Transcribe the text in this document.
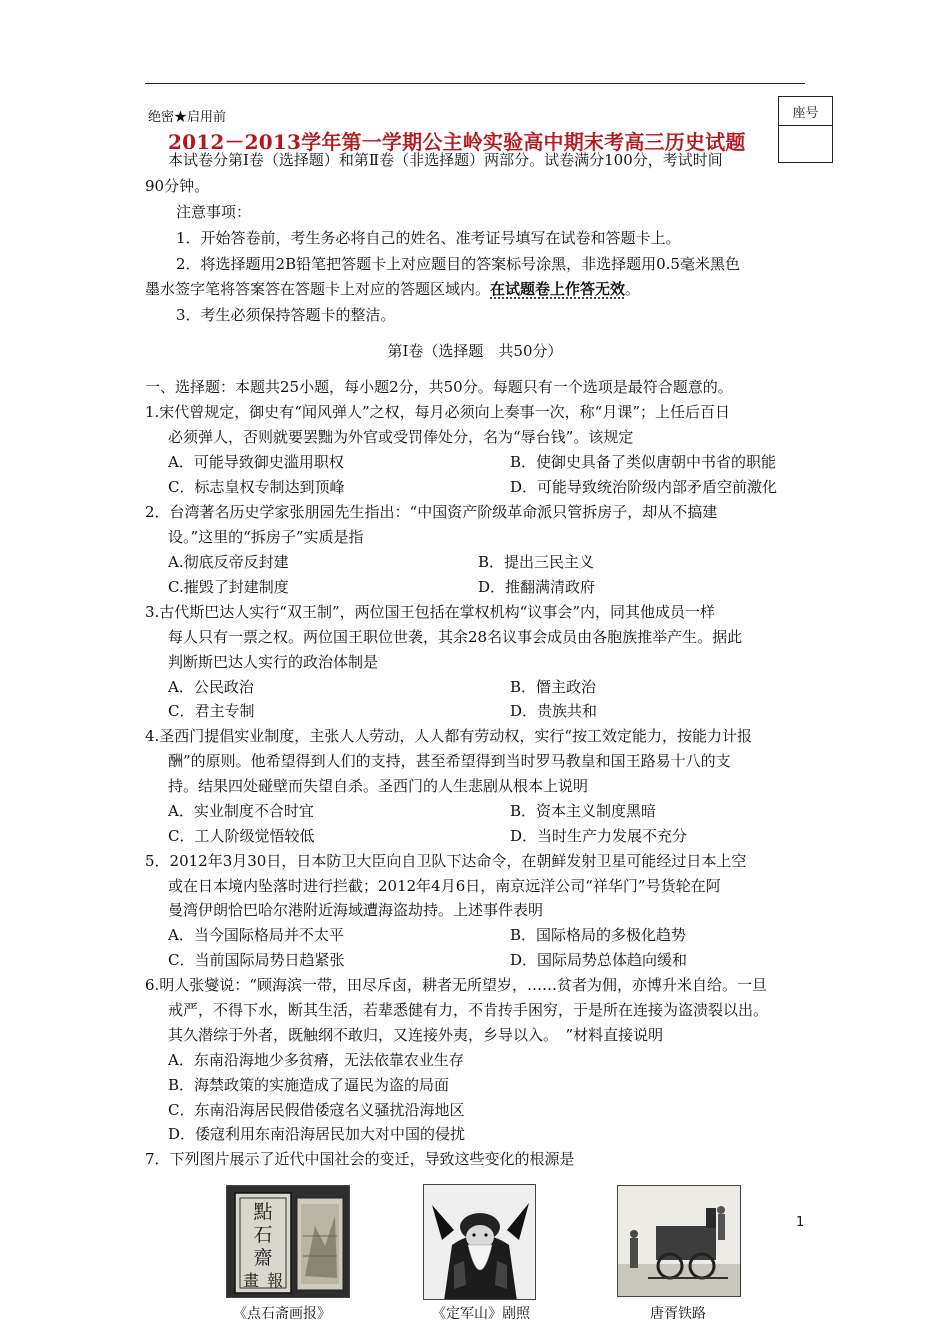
座号
绝密★启用前
2012－2013学年第一学期公主岭实验高中期末考高三历史试题
本试卷分第Ⅰ卷（选择题）和第Ⅱ卷（非选择题）两部分。试卷满分100分，考试时间
90分钟。
注意事项：
1．开始答卷前，考生务必将自己的姓名、准考证号填写在试卷和答题卡上。
2．将选择题用2B铅笔把答题卡上对应题目的答案标号涂黑，非选择题用0.5毫米黑色
墨水签字笔将答案答在答题卡上对应的答题区域内。在试题卷上作答无效。
3．考生必须保持答题卡的整洁。
第Ⅰ卷（选择题　共50分）
一、选择题：本题共25小题，每小题2分，共50分。每题只有一个选项是最符合题意的。
1.宋代曾规定，御史有“闻风弹人”之权，每月必须向上奏事一次，称“月课”；上任后百日
必须弹人，否则就要罢黜为外官或受罚俸处分，名为“辱台钱”。该规定
A．可能导致御史滥用职权	B．使御史具备了类似唐朝中书省的职能
C．标志皇权专制达到顶峰	D．可能导致统治阶级内部矛盾空前激化
2．台湾著名历史学家张朋园先生指出：“中国资产阶级革命派只管拆房子，却从不搞建
设。”这里的“拆房子”实质是指
A.彻底反帝反封建	B．提出三民主义
C.摧毁了封建制度	D．推翻满清政府
3.古代斯巴达人实行“双王制”，两位国王包括在掌权机构“议事会”内，同其他成员一样
每人只有一票之权。两位国王职位世袭，其余28名议事会成员由各胞族推举产生。据此
判断斯巴达人实行的政治体制是
A．公民政治	B．僭主政治
C．君主专制	D．贵族共和
4.圣西门提倡实业制度，主张人人劳动，人人都有劳动权，实行“按工效定能力，按能力计报
酬”的原则。他希望得到人们的支持，甚至希望得到当时罗马教皇和国王路易十八的支
持。结果四处碰壁而失望自杀。圣西门的人生悲剧从根本上说明
A．实业制度不合时宜	B．资本主义制度黑暗
C．工人阶级觉悟较低	D．当时生产力发展不充分
5．2012年3月30日，日本防卫大臣向自卫队下达命令，在朝鲜发射卫星可能经过日本上空
或在日本境内坠落时进行拦截；2012年4月6日，南京远洋公司“祥华门”号货轮在阿
曼湾伊朗恰巴哈尔港附近海域遭海盗劫持。上述事件表明
A．当今国际格局并不太平	B．国际格局的多极化趋势
C．当前国际局势日趋紧张	D．国际局势总体趋向缓和
6.明人张燮说：“顾海滨一带，田尽斥卤，耕者无所望岁，……贫者为佣，亦博升米自给。一旦
戒严，不得下水，断其生活，若辈悉健有力，不肯抟手困穷，于是所在连接为盗溃裂以出。
其久潜综于外者，既触纲不敢归，又连接外夷，乡导以入。　”材料直接说明
A．东南沿海地少多贫瘠，无法依靠农业生存
B．海禁政策的实施造成了逼民为盗的局面
C．东南沿海居民假借倭寇名义骚扰沿海地区
D．倭寇利用东南沿海居民加大对中国的侵扰
7．下列图片展示了近代中国社会的变迁，导致这些变化的根源是
點
石
齋
畫 報
《点石斋画报》	《定军山》剧照	唐胥铁路
1
